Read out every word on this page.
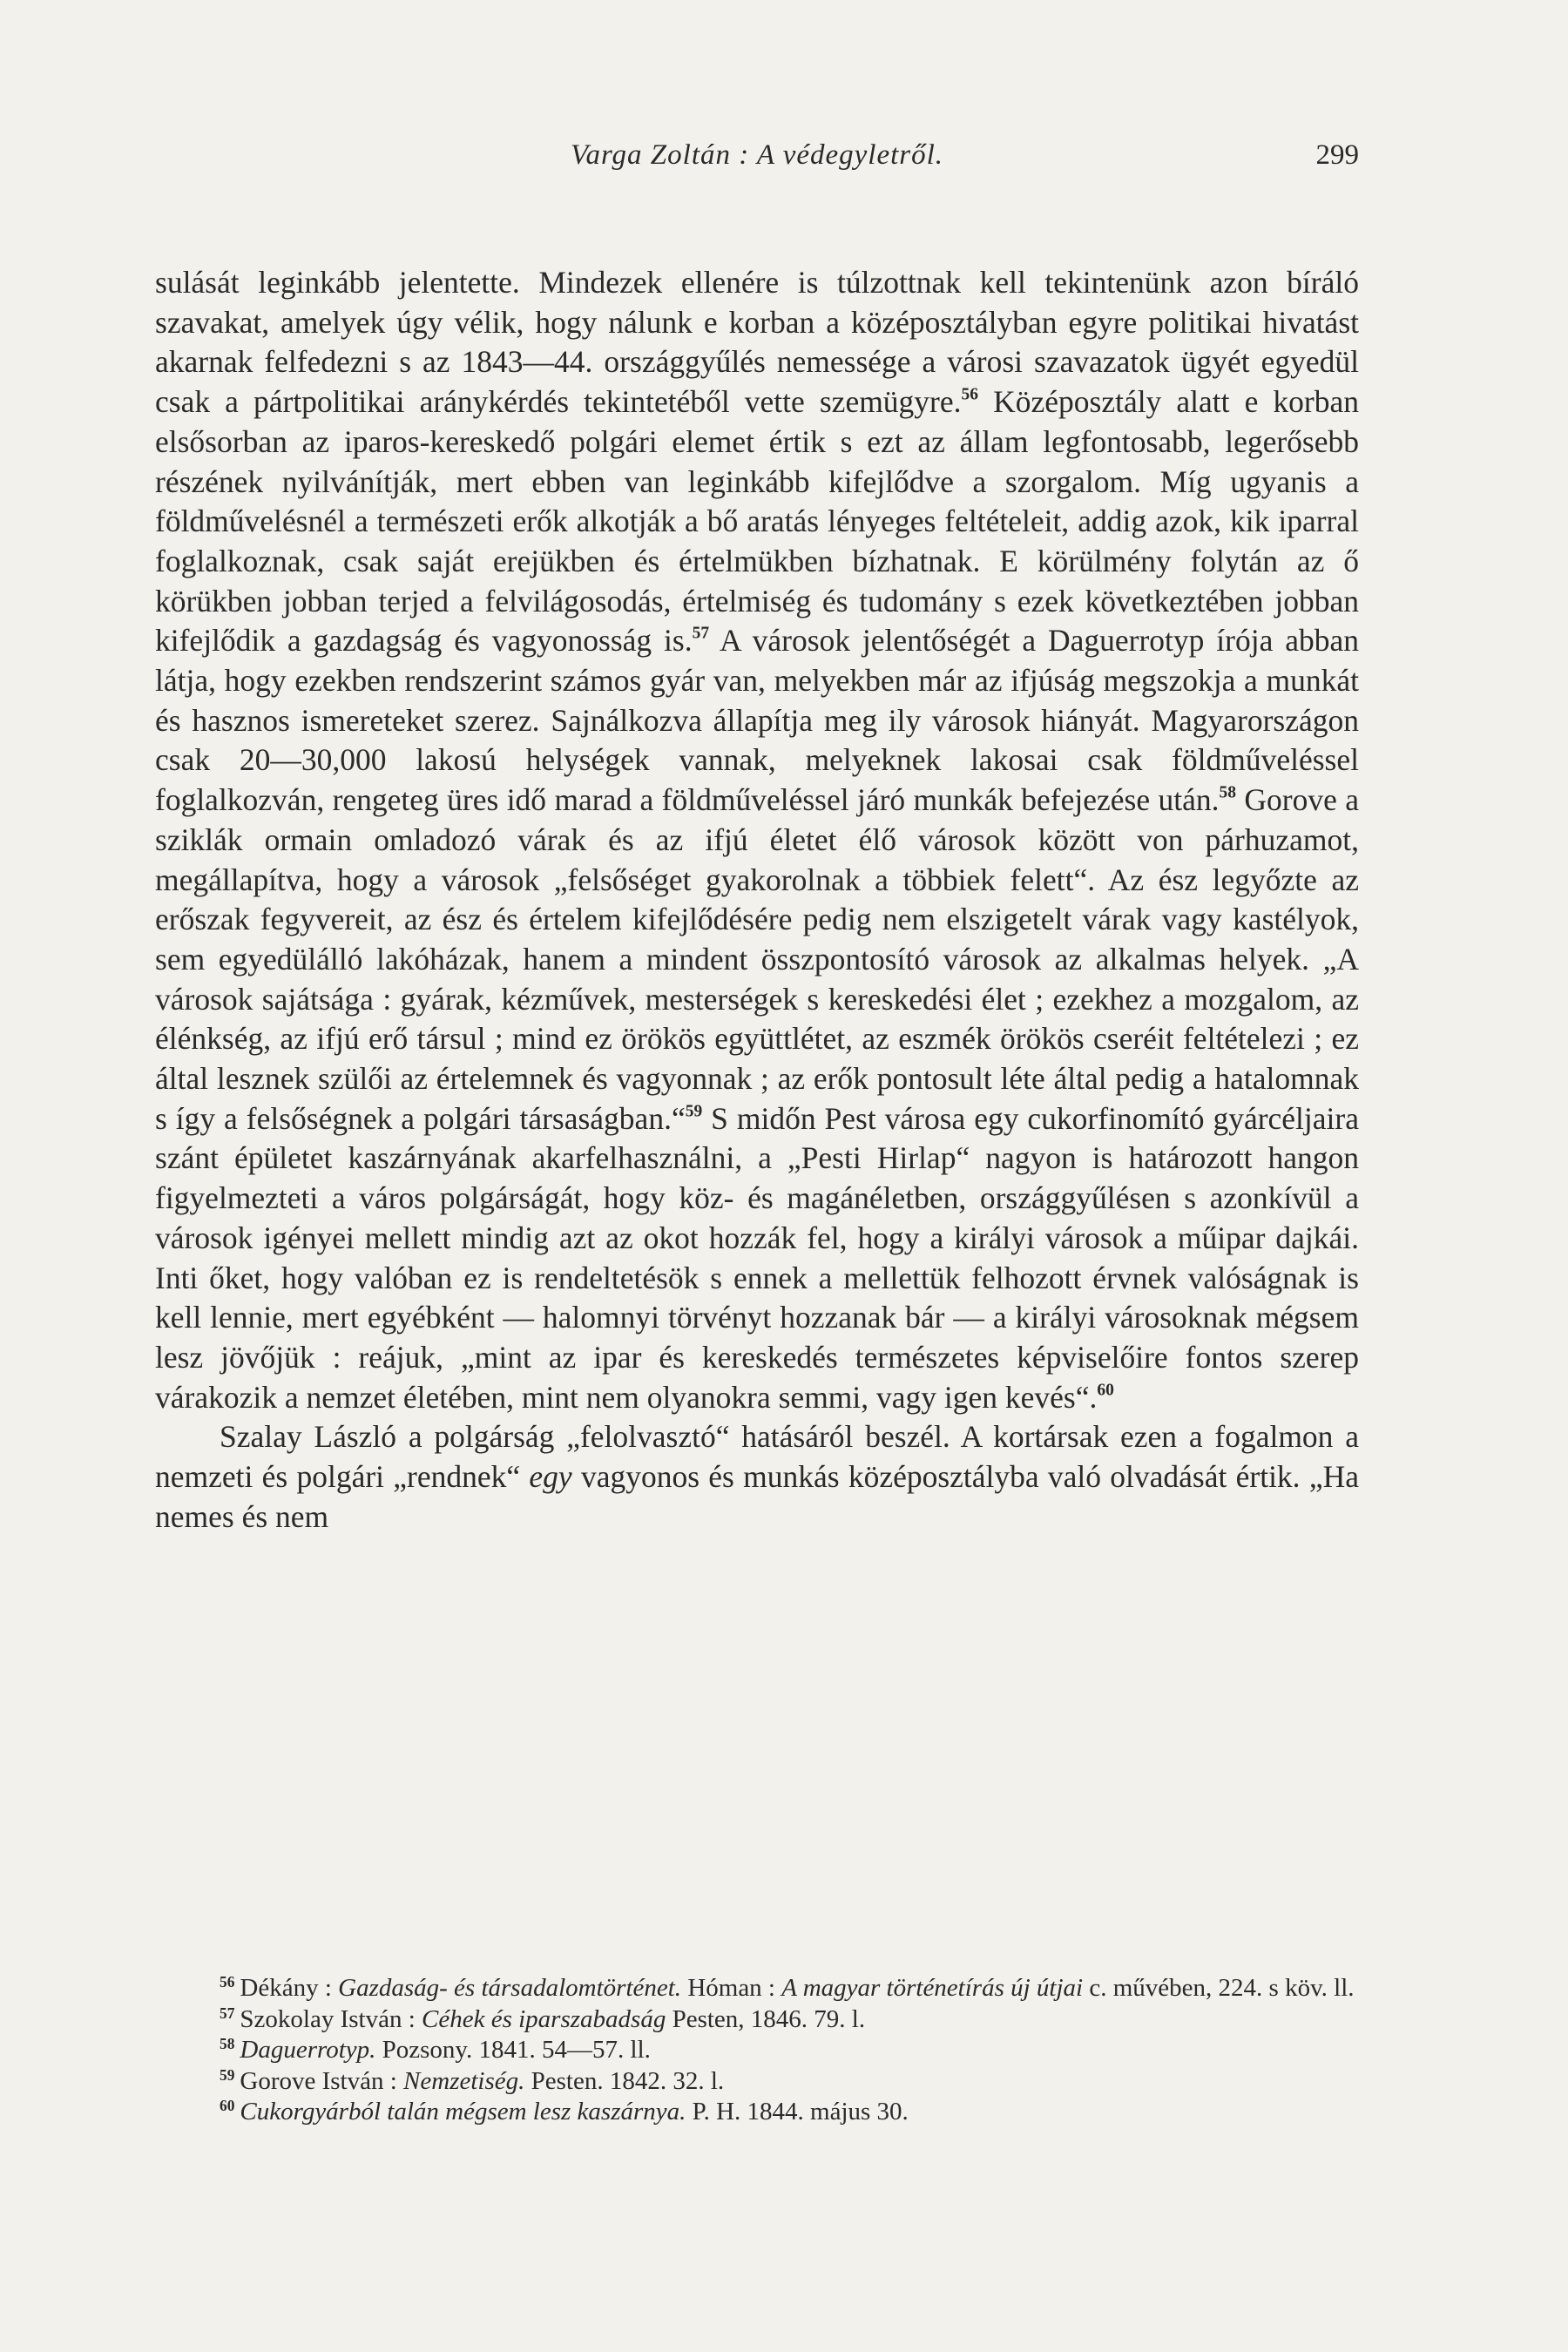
Varga Zoltán : A védegyletről.	299

sulását leginkább jelentette. Mindezek ellenére is túlzottnak kell tekintenünk azon bíráló szavakat, amelyek úgy vélik, hogy nálunk e korban a középosztályban egyre politikai hivatást akarnak felfedezni s az 1843—44. országgyűlés nemessége a városi szavazatok ügyét egyedül csak a pártpolitikai aránykérdés tekintetéből vette szemügyre.$^{56}$ Középosztály alatt e korban elsősorban az iparos-kereskedő polgári elemet értik s ezt az állam legfontosabb, legerősebb részének nyilvánítják, mert ebben van leginkább kifejlődve a szorgalom. Míg ugyanis a földművelésnél a természeti erők alkotják a bő aratás lényeges feltételeit, addig azok, kik iparral foglalkoznak, csak saját erejükben és értelmükben bízhatnak. E körülmény folytán az ő körükben jobban terjed a felvilágosodás, értelmiség és tudomány s ezek következtében jobban kifejlődik a gazdagság és vagyonosság is.$^{57}$ A városok jelentőségét a Daguerrotyp írója abban látja, hogy ezekben rendszerint számos gyár van, melyekben már az ifjúság megszokja a munkát és hasznos ismereteket szerez. Sajnálkozva állapítja meg ily városok hiányát. Magyarországon csak 20—30,000 lakosú helységek vannak, melyeknek lakosai csak földműveléssel foglalkozván, rengeteg üres idő marad a földműveléssel járó munkák befejezése után.$^{58}$ Gorove a sziklák ormain omladozó várak és az ifjú életet élő városok között von párhuzamot, megállapítva, hogy a városok „felsőséget gyakorolnak a többiek felett“. Az ész legyőzte az erőszak fegyvereit, az ész és értelem kifejlődésére pedig nem elszigetelt várak vagy kastélyok, sem egyedülálló lakóházak, hanem a mindent összpontosító városok az alkalmas helyek. „A városok sajátsága : gyárak, kézművek, mesterségek s kereskedési élet ; ezekhez a mozgalom, az élénkség, az ifjú erő társul ; mind ez örökös együttlétet, az eszmék örökös cseréit feltételezi ; ez által lesznek szülői az értelemnek és vagyonnak ; az erők pontosult léte által pedig a hatalomnak s így a felsőségnek a polgári társaságban.“$^{59}$ S midőn Pest városa egy cukorfinomító gyárcéljaira szánt épületet kaszárnyának akarfelhasználni, a „Pesti Hirlap“ nagyon is határozott hangon figyelmezteti a város polgárságát, hogy köz- és magánéletben, országgyűlésen s azonkívül a városok igényei mellett mindig azt az okot hozzák fel, hogy a királyi városok a műipar dajkái. Inti őket, hogy valóban ez is rendeltetésök s ennek a mellettük felhozott érvnek valóságnak is kell lennie, mert egyébként — halomnyi törvényt hozzanak bár — a királyi városoknak mégsem lesz jövőjük : reájuk, „mint az ipar és kereskedés természetes képviselőire fontos szerep várakozik a nemzet életében, mint nem olyanokra semmi, vagy igen kevés“.$^{60}$

Szalay László a polgárság „felolvasztó“ hatásáról beszél. A kortársak ezen a fogalmon a nemzeti és polgári „rendnek“ egy vagyonos és munkás középosztályba való olvadását értik. „Ha nemes és nem

$^{56}$ Dékány : Gazdaság- és társadalomtörténet. Hóman : A magyar történetírás új útjai c. művében, 224. s köv. ll.

$^{57}$ Szokolay István : Céhek és iparszabadság Pesten, 1846. 79. l.

$^{58}$ Daguerrotyp. Pozsony. 1841. 54—57. ll.

$^{59}$ Gorove István : Nemzetiség. Pesten. 1842. 32. l.

$^{60}$ Cukorgyárból talán mégsem lesz kaszárnya. P. H. 1844. május 30.
